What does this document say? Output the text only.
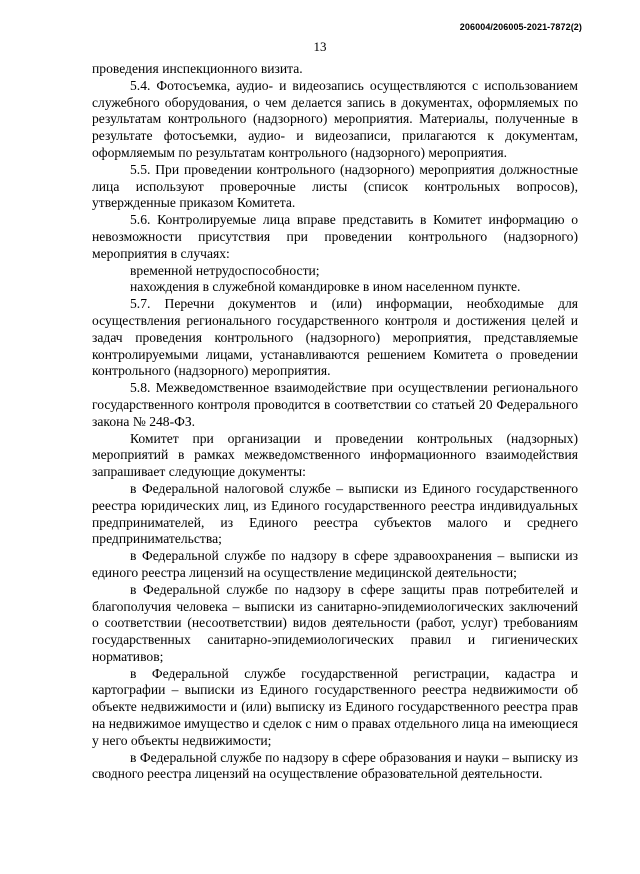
206004/206005-2021-7872(2)
13

проведения инспекционного визита.

5.4. Фотосъемка, аудио- и видеозапись осуществляются с использованием служебного оборудования, о чем делается запись в документах, оформляемых по результатам контрольного (надзорного) мероприятия. Материалы, полученные в результате фотосъемки, аудио- и видеозаписи, прилагаются к документам, оформляемым по результатам контрольного (надзорного) мероприятия.

5.5. При проведении контрольного (надзорного) мероприятия должностные лица используют проверочные листы (список контрольных вопросов), утвержденные приказом Комитета.

5.6. Контролируемые лица вправе представить в Комитет информацию о невозможности присутствия при проведении контрольного (надзорного) мероприятия в случаях:

временной нетрудоспособности;

нахождения в служебной командировке в ином населенном пункте.

5.7. Перечни документов и (или) информации, необходимые для осуществления регионального государственного контроля и достижения целей и задач проведения контрольного (надзорного) мероприятия, представляемые контролируемыми лицами, устанавливаются решением Комитета о проведении контрольного (надзорного) мероприятия.

5.8. Межведомственное взаимодействие при осуществлении регионального государственного контроля проводится в соответствии со статьей 20 Федерального закона № 248-ФЗ.

Комитет при организации и проведении контрольных (надзорных) мероприятий в рамках межведомственного информационного взаимодействия запрашивает следующие документы:

в Федеральной налоговой службе – выписки из Единого государственного реестра юридических лиц, из Единого государственного реестра индивидуальных предпринимателей, из Единого реестра субъектов малого и среднего предпринимательства;

в Федеральной службе по надзору в сфере здравоохранения – выписки из единого реестра лицензий на осуществление медицинской деятельности;

в Федеральной службе по надзору в сфере защиты прав потребителей и благополучия человека – выписки из санитарно-эпидемиологических заключений о соответствии (несоответствии) видов деятельности (работ, услуг) требованиям государственных санитарно-эпидемиологических правил и гигиенических нормативов;

в Федеральной службе государственной регистрации, кадастра и картографии – выписки из Единого государственного реестра недвижимости об объекте недвижимости и (или) выписку из Единого государственного реестра прав на недвижимое имущество и сделок с ним о правах отдельного лица на имеющиеся у него объекты недвижимости;

в Федеральной службе по надзору в сфере образования и науки – выписку из сводного реестра лицензий на осуществление образовательной деятельности.
